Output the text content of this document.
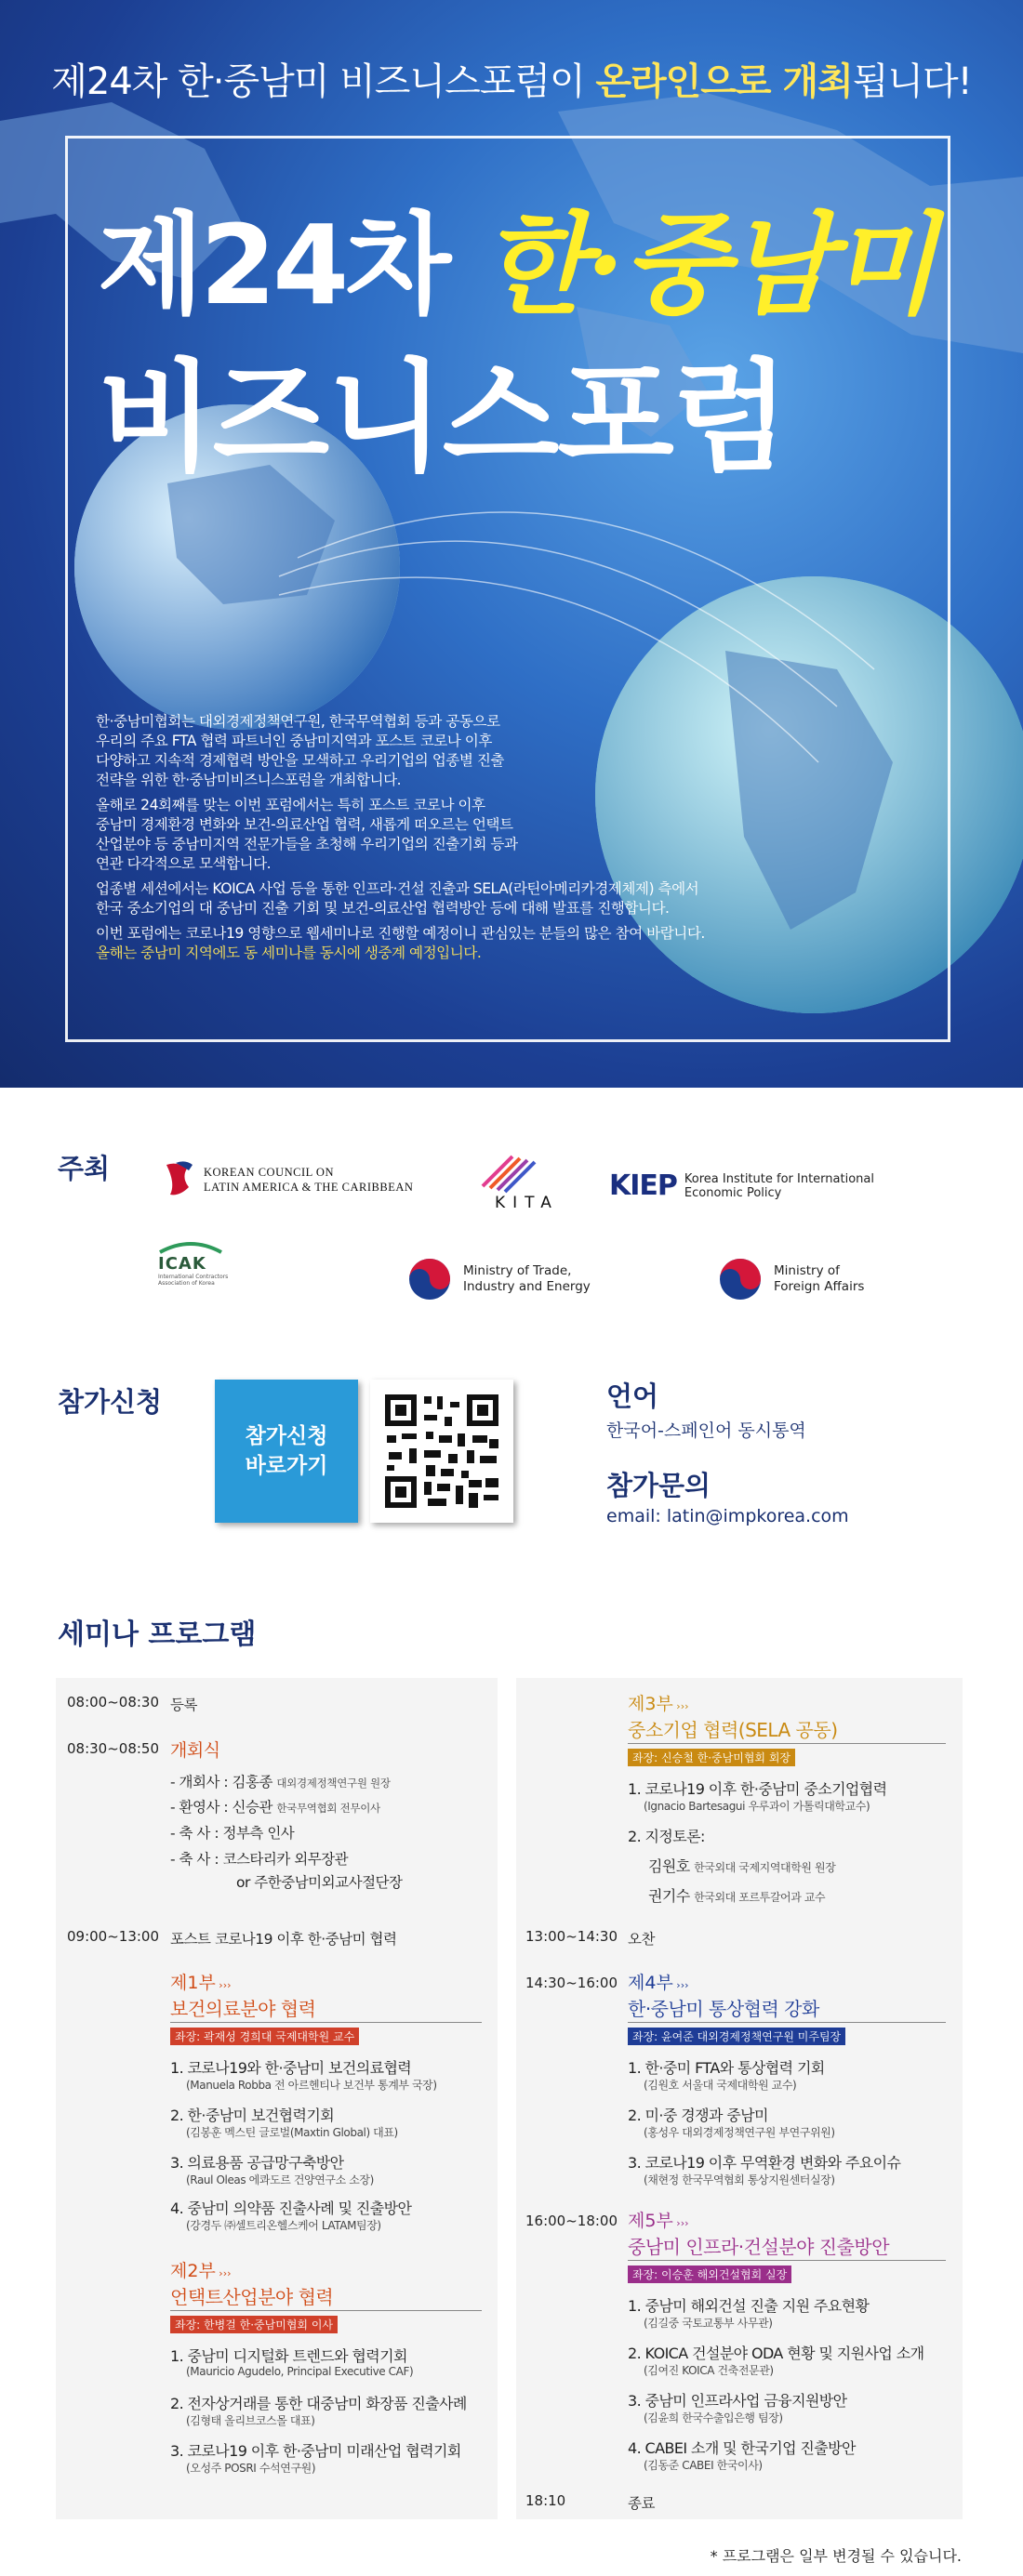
제24차 한·중남미 비즈니스포럼이 온라인으로 개최됩니다!
제24차 한·중남미
비즈니스포럼

한·중남미협회는 대외경제정책연구원, 한국무역협회 등과 공동으로
우리의 주요 FTA 협력 파트너인 중남미지역과 포스트 코로나 이후
다양하고 지속적 경제협력 방안을 모색하고 우리기업의 업종별 진출
전략을 위한 한·중남미비즈니스포럼을 개최합니다.

올해로 24회째를 맞는 이번 포럼에서는 특히 포스트 코로나 이후
중남미 경제환경 변화와 보건-의료산업 협력, 새롭게 떠오르는 언택트
산업분야 등 중남미지역 전문가들을 초청해 우리기업의 진출기회 등과
연관 다각적으로 모색합니다.

업종별 세션에서는 KOICA 사업 등을 통한 인프라·건설 진출과 SELA(라틴아메리카경제체제) 측에서
한국 중소기업의 대 중남미 진출 기회 및 보건-의료산업 협력방안 등에 대해 발표를 진행합니다.

이번 포럼에는 코로나19 영향으로 웹세미나로 진행할 예정이니 관심있는 분들의 많은 참여 바랍니다.
올해는 중남미 지역에도 동 세미나를 동시에 생중계 예정입니다.

주최	KOREAN COUNCIL ON
LATIN AMERICA & THE CARIBBEAN
KITA
KIEP Korea Institute for International
Economic Policy
ICAK
International Contractors Association of Korea
Ministry of Trade,
Industry and Energy
Ministry of
Foreign Affairs
참가신청
참가신청
바로가기
언어
한국어-스페인어 동시통역
참가문의
email: latin@impkorea.com
세미나 프로그램
08:00~08:30 등록
08:30~08:50 개회식
- 개회사 : 김홍종 대외경제정책연구원 원장
- 환영사 : 신승관 한국무역협회 전무이사
- 축 사 : 정부측 인사
- 축 사 : 코스타리카 외무장관
or 주한중남미외교사절단장
09:00~13:00 포스트 코로나19 이후 한·중남미 협력
제1부 ›››
보건의료분야 협력
좌장: 곽재성 경희대 국제대학원 교수
1. 코로나19와 한·중남미 보건의료협력
(Manuela Robba 전 아르헨티나 보건부 통계부 국장)
2. 한·중남미 보건협력기회
(김봉훈 멕스틴 글로벌(Maxtin Global) 대표)
3. 의료용품 공급망구축방안
(Raul Oleas 에콰도르 건양연구소 소장)
4. 중남미 의약품 진출사례 및 진출방안
(강경두 ㈜셀트리온헬스케어 LATAM팀장)
제2부 ›››
언택트산업분야 협력
좌장: 한병걸 한·중남미협회 이사
1. 중남미 디지털화 트렌드와 협력기회
(Mauricio Agudelo, Principal Executive CAF)
2. 전자상거래를 통한 대중남미 화장품 진출사례
(김형태 올리브코스몰 대표)
3. 코로나19 이후 한·중남미 미래산업 협력기회
(오성주 POSRI 수석연구원)
제3부 ›››
중소기업 협력(SELA 공동)
좌장: 신승철 한·중남미협회 회장
1. 코로나19 이후 한·중남미 중소기업협력
(Ignacio Bartesagui 우루과이 가톨릭대학교수)
2. 지정토론:
김원호 한국외대 국제지역대학원 원장
권기수 한국외대 포르투갈어과 교수
13:00~14:30 오찬
14:30~16:00 제4부 ›››
한·중남미 통상협력 강화
좌장: 윤여준 대외경제정책연구원 미주팀장
1. 한·중미 FTA와 통상협력 기회
(김원호 서울대 국제대학원 교수)
2. 미·중 경쟁과 중남미
(홍성우 대외경제정책연구원 부연구위원)
3. 코로나19 이후 무역환경 변화와 주요이슈
(채현정 한국무역협회 통상지원센터실장)
16:00~18:00 제5부 ›››
중남미 인프라·건설분야 진출방안
좌장: 이승훈 해외건설협회 실장
1. 중남미 해외건설 진출 지원 주요현황
(김길중 국토교통부 사무관)
2. KOICA 건설분야 ODA 현황 및 지원사업 소개
(김여진 KOICA 건축전문관)
3. 중남미 인프라사업 금융지원방안
(김윤희 한국수출입은행 팀장)
4. CABEI 소개 및 한국기업 진출방안
(김동준 CABEI 한국이사)
18:10	종료
* 프로그램은 일부 변경될 수 있습니다.
